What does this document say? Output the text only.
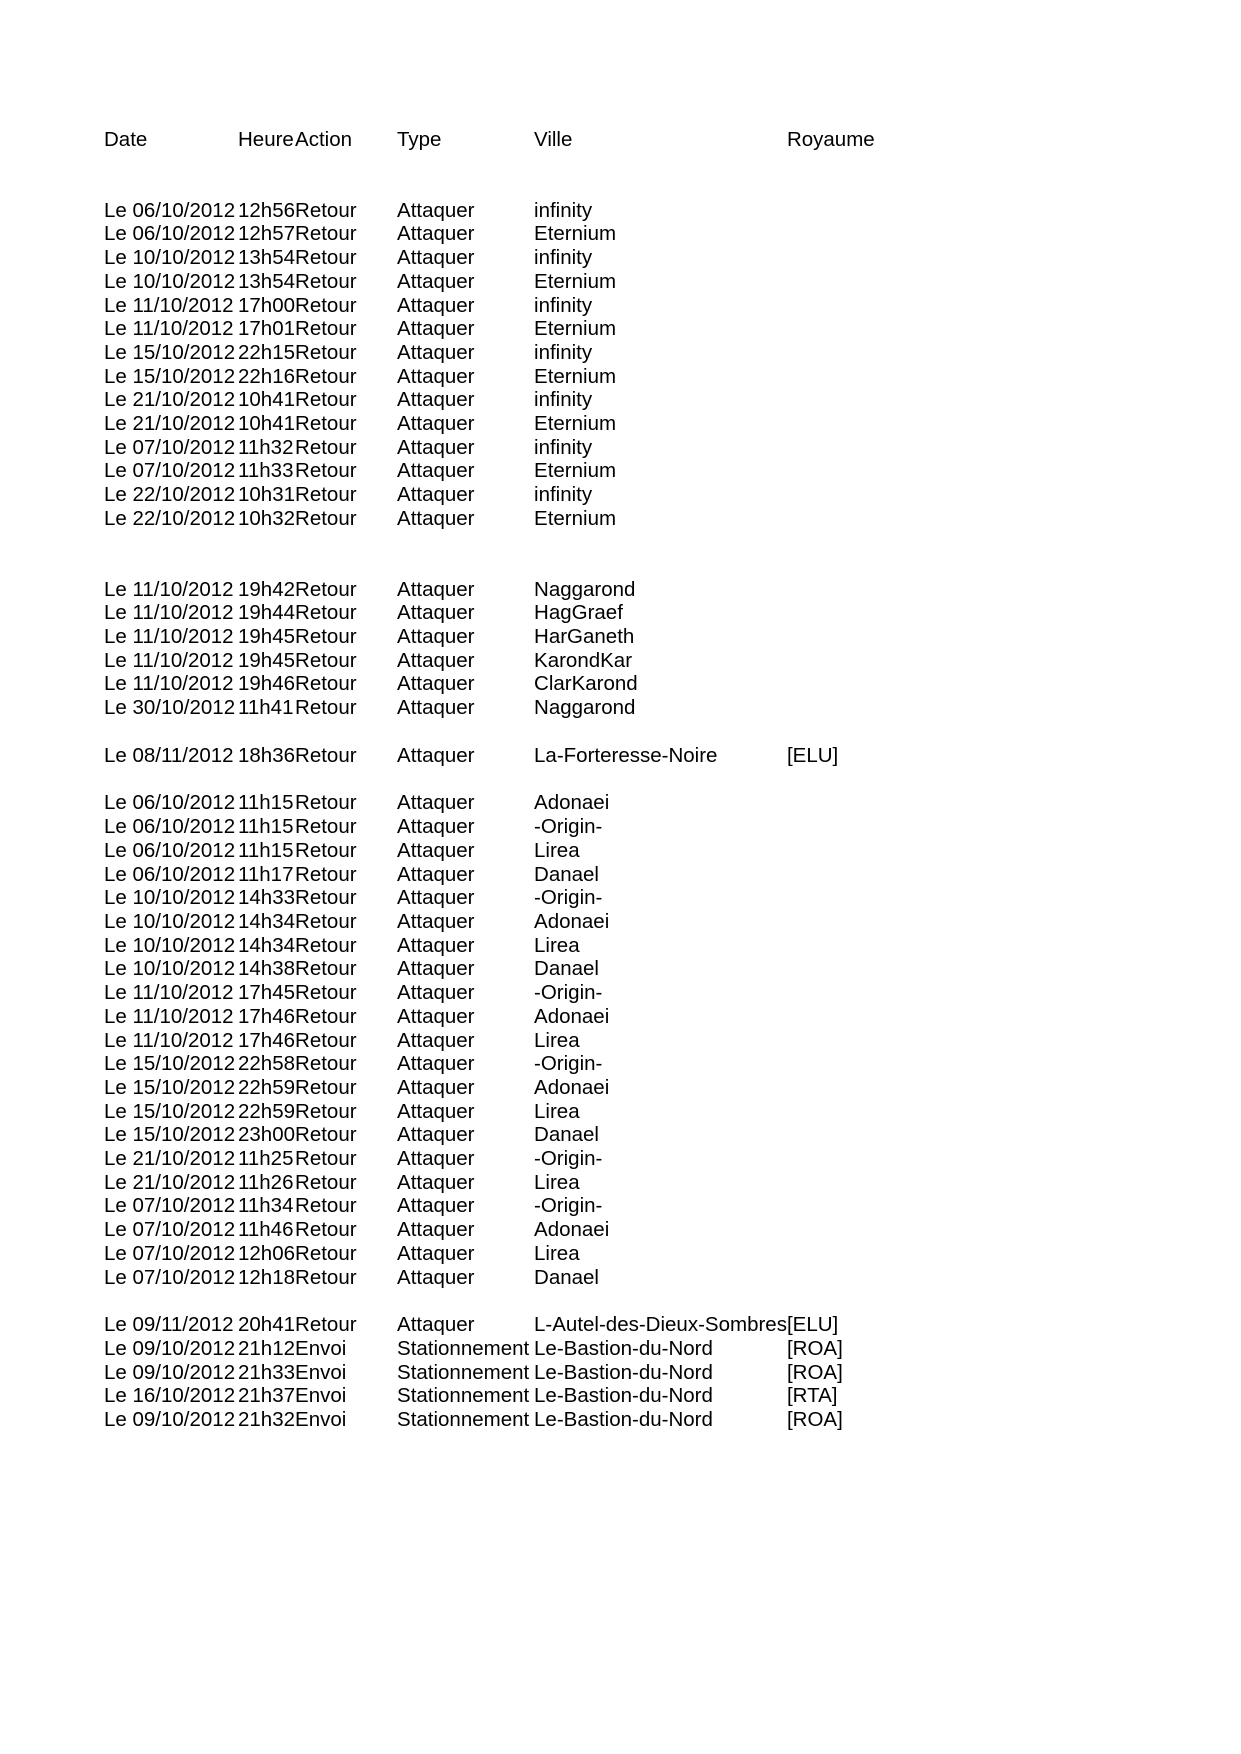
Date	Heure	Action	Type	Ville	Royaume

Le 06/10/2012	12h56	Retour	Attaquer	infinity	
Le 06/10/2012	12h57	Retour	Attaquer	Eternium	
Le 10/10/2012	13h54	Retour	Attaquer	infinity	
Le 10/10/2012	13h54	Retour	Attaquer	Eternium	
Le 11/10/2012	17h00	Retour	Attaquer	infinity	
Le 11/10/2012	17h01	Retour	Attaquer	Eternium	
Le 15/10/2012	22h15	Retour	Attaquer	infinity	
Le 15/10/2012	22h16	Retour	Attaquer	Eternium	
Le 21/10/2012	10h41	Retour	Attaquer	infinity	
Le 21/10/2012	10h41	Retour	Attaquer	Eternium	
Le 07/10/2012	11h32	Retour	Attaquer	infinity	
Le 07/10/2012	11h33	Retour	Attaquer	Eternium	
Le 22/10/2012	10h31	Retour	Attaquer	infinity	
Le 22/10/2012	10h32	Retour	Attaquer	Eternium	

Le 11/10/2012	19h42	Retour	Attaquer	Naggarond	
Le 11/10/2012	19h44	Retour	Attaquer	HagGraef	
Le 11/10/2012	19h45	Retour	Attaquer	HarGaneth	
Le 11/10/2012	19h45	Retour	Attaquer	KarondKar	
Le 11/10/2012	19h46	Retour	Attaquer	ClarKarond	
Le 30/10/2012	11h41	Retour	Attaquer	Naggarond	

Le 08/11/2012	18h36	Retour	Attaquer	La-Forteresse-Noire	[ELU]

Le 06/10/2012	11h15	Retour	Attaquer	Adonaei	
Le 06/10/2012	11h15	Retour	Attaquer	-Origin-	
Le 06/10/2012	11h15	Retour	Attaquer	Lirea	
Le 06/10/2012	11h17	Retour	Attaquer	Danael	
Le 10/10/2012	14h33	Retour	Attaquer	-Origin-	
Le 10/10/2012	14h34	Retour	Attaquer	Adonaei	
Le 10/10/2012	14h34	Retour	Attaquer	Lirea	
Le 10/10/2012	14h38	Retour	Attaquer	Danael	
Le 11/10/2012	17h45	Retour	Attaquer	-Origin-	
Le 11/10/2012	17h46	Retour	Attaquer	Adonaei	
Le 11/10/2012	17h46	Retour	Attaquer	Lirea	
Le 15/10/2012	22h58	Retour	Attaquer	-Origin-	
Le 15/10/2012	22h59	Retour	Attaquer	Adonaei	
Le 15/10/2012	22h59	Retour	Attaquer	Lirea	
Le 15/10/2012	23h00	Retour	Attaquer	Danael	
Le 21/10/2012	11h25	Retour	Attaquer	-Origin-	
Le 21/10/2012	11h26	Retour	Attaquer	Lirea	
Le 07/10/2012	11h34	Retour	Attaquer	-Origin-	
Le 07/10/2012	11h46	Retour	Attaquer	Adonaei	
Le 07/10/2012	12h06	Retour	Attaquer	Lirea	
Le 07/10/2012	12h18	Retour	Attaquer	Danael	

Le 09/11/2012	20h41	Retour	Attaquer	L-Autel-des-Dieux-Sombres	[ELU]
Le 09/10/2012	21h12	Envoi	Stationnement	Le-Bastion-du-Nord	[ROA]
Le 09/10/2012	21h33	Envoi	Stationnement	Le-Bastion-du-Nord	[ROA]
Le 16/10/2012	21h37	Envoi	Stationnement	Le-Bastion-du-Nord	[RTA]
Le 09/10/2012	21h32	Envoi	Stationnement	Le-Bastion-du-Nord	[ROA]
